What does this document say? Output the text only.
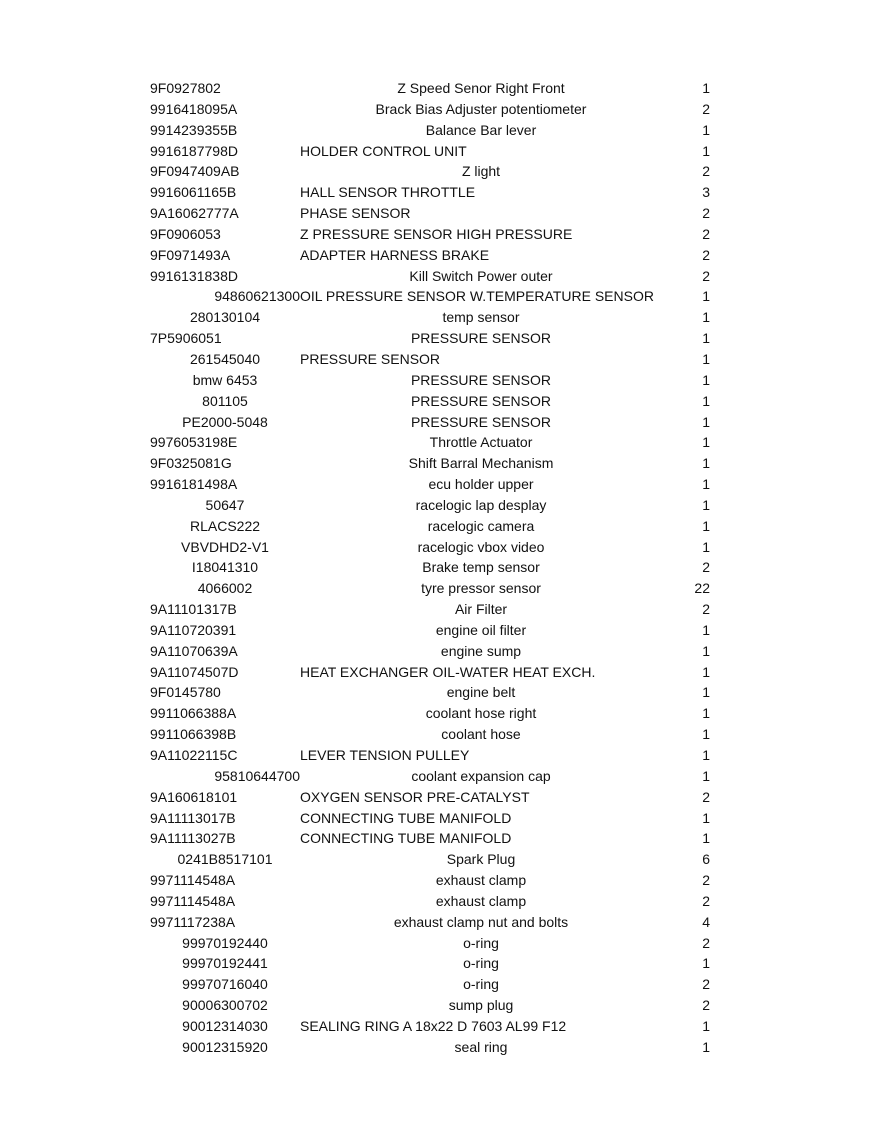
9F0927802	Z Speed Senor Right Front	1
9916418095A	Brack Bias Adjuster potentiometer	2
9914239355B	Balance Bar lever	1
9916187798D	HOLDER CONTROL UNIT	1
9F0947409AB	Z light	2
9916061165B	HALL SENSOR THROTTLE	3
9A16062777A	PHASE SENSOR	2
9F0906053	Z PRESSURE SENSOR HIGH PRESSURE	2
9F0971493A	ADAPTER HARNESS BRAKE	2
9916131838D	Kill Switch Power outer	2
94860621300 OIL PRESSURE SENSOR W.TEMPERATURE SENSOR	1
280130104	temp sensor	1
7P5906051	PRESSURE SENSOR	1
261545040	PRESSURE SENSOR	1
bmw 6453	PRESSURE SENSOR	1
801105	PRESSURE SENSOR	1
PE2000-5048	PRESSURE SENSOR	1
9976053198E	Throttle Actuator	1
9F0325081G	Shift Barral Mechanism	1
9916181498A	ecu holder upper	1
50647	racelogic lap desplay	1
RLACS222	racelogic camera	1
VBVDHD2-V1	racelogic vbox video	1
I18041310	Brake temp sensor	2
4066002	tyre pressor sensor	22
9A11101317B	Air Filter	2
9A110720391	engine oil filter	1
9A11070639A	engine sump	1
9A11074507D	HEAT EXCHANGER OIL-WATER HEAT EXCH.	1
9F0145780	engine belt	1
9911066388A	coolant hose right	1
9911066398B	coolant hose	1
9A11022115C	LEVER TENSION PULLEY	1
95810644700	coolant expansion cap	1
9A160618101	OXYGEN SENSOR PRE-CATALYST	2
9A11113017B	CONNECTING TUBE MANIFOLD	1
9A11113027B	CONNECTING TUBE MANIFOLD	1
0241B8517101	Spark Plug	6
9971114548A	exhaust clamp	2
9971114548A	exhaust clamp	2
9971117238A	exhaust clamp nut and bolts	4
99970192440	o-ring	2
99970192441	o-ring	1
99970716040	o-ring	2
90006300702	sump plug	2
90012314030	SEALING RING A 18x22 D 7603 AL99 F12	1
90012315920	seal ring	1
